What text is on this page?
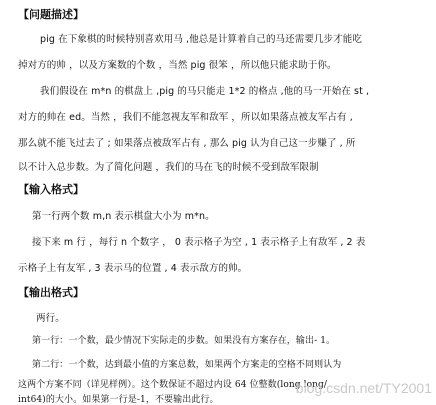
【问题描述】
pig 在下象棋的时候特别喜欢用马 ,他总是计算着自己的马还需要几步才能吃
掉对方的帅 ，以及方案数的个数 ，当然 pig 很笨 ，所以他只能求助于你。
我们假设在 m*n 的棋盘上 ,pig 的马只能走 1*2 的格点 ,他的马一开始在 st ,
对方的帅在 ed。当然 ，我们不能忽视友军和敌军 ，所以如果落点被友军占有 ,
那么就不能飞过去了 ; 如果落点被敌军占有 , 那么 pig 认为自己这一步赚了 , 所
以不计入总步数。为了简化问题 ，我们的马在飞的时候不受到敌军限制
【输入格式】
第一行两个数 m,n 表示棋盘大小为 m*n。
接下来 m 行 ，每行 n 个数字 ， 0 表示格子为空 , 1 表示格子上有敌军 , 2 表
示格子上有友军 , 3 表示马的位置 , 4 表示敌方的帅。
【输出格式】
两行。
第一行：一个数，最少情况下实际走的步数。如果没有方案存在，输出- 1。
第二行：一个数，达到最小值的方案总数，如果两个方案走的空格不同则认为
这两个方案不同（详见样例）。这个数保证不超过内设 64 位整数(long long/
int64)的大小。如果第一行是-1，不要输出此行。
blog.csdn.net/TY2001
